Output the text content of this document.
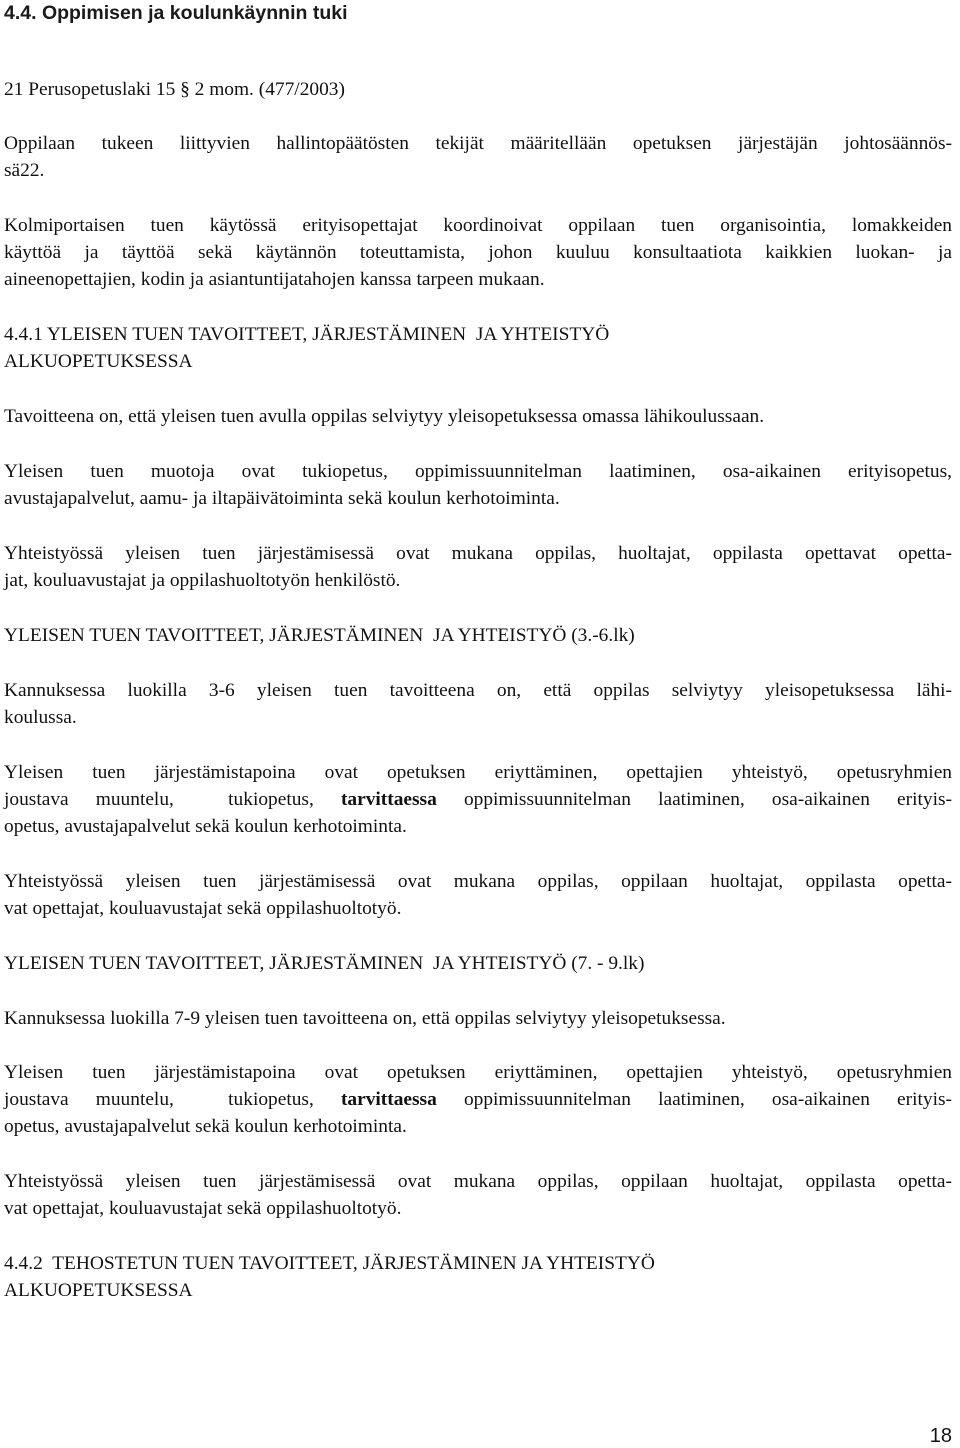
4.4. Oppimisen ja koulunkäynnin tuki
21 Perusopetuslaki 15 § 2 mom. (477/2003)
Oppilaan tukeen liittyvien hallintopäätösten tekijät määritellään opetuksen järjestäjän johtosäännös-
sä22.
Kolmiportaisen tuen käytössä erityisopettajat koordinoivat oppilaan tuen organisointia, lomakkeiden
käyttöä ja täyttöä sekä käytännön toteuttamista, johon kuuluu konsultaatiota kaikkien luokan- ja
aineenopettajien, kodin ja asiantuntijatahojen kanssa tarpeen mukaan.
4.4.1 YLEISEN TUEN TAVOITTEET, JÄRJESTÄMINEN  JA YHTEISTYÖ
ALKUOPETUKSESSA
Tavoitteena on, että yleisen tuen avulla oppilas selviytyy yleisopetuksessa omassa lähikoulussaan.
Yleisen tuen muotoja ovat tukiopetus, oppimissuunnitelman laatiminen, osa-aikainen erityisopetus,
avustajapalvelut, aamu- ja iltapäivätoiminta sekä koulun kerhotoiminta.
Yhteistyössä yleisen tuen järjestämisessä ovat mukana oppilas, huoltajat, oppilasta opettavat opetta-
jat, kouluavustajat ja oppilashuoltotyön henkilöstö.
YLEISEN TUEN TAVOITTEET, JÄRJESTÄMINEN  JA YHTEISTYÖ (3.-6.lk)
Kannuksessa luokilla 3-6 yleisen tuen tavoitteena on, että oppilas selviytyy yleisopetuksessa lähi-
koulussa.
Yleisen tuen järjestämistapoina ovat opetuksen eriyttäminen, opettajien yhteistyö, opetusryhmien
joustava muuntelu,  tukiopetus, tarvittaessa oppimissuunnitelman laatiminen, osa-aikainen erityis-
opetus, avustajapalvelut sekä koulun kerhotoiminta.
Yhteistyössä yleisen tuen järjestämisessä ovat mukana oppilas, oppilaan huoltajat, oppilasta opetta-
vat opettajat, kouluavustajat sekä oppilashuoltotyö.
YLEISEN TUEN TAVOITTEET, JÄRJESTÄMINEN  JA YHTEISTYÖ (7. - 9.lk)
Kannuksessa luokilla 7-9 yleisen tuen tavoitteena on, että oppilas selviytyy yleisopetuksessa.
Yleisen tuen järjestämistapoina ovat opetuksen eriyttäminen, opettajien yhteistyö, opetusryhmien
joustava muuntelu,  tukiopetus, tarvittaessa oppimissuunnitelman laatiminen, osa-aikainen erityis-
opetus, avustajapalvelut sekä koulun kerhotoiminta.
Yhteistyössä yleisen tuen järjestämisessä ovat mukana oppilas, oppilaan huoltajat, oppilasta opetta-
vat opettajat, kouluavustajat sekä oppilashuoltotyö.
4.4.2  TEHOSTETUN TUEN TAVOITTEET, JÄRJESTÄMINEN JA YHTEISTYÖ
ALKUOPETUKSESSA
18
